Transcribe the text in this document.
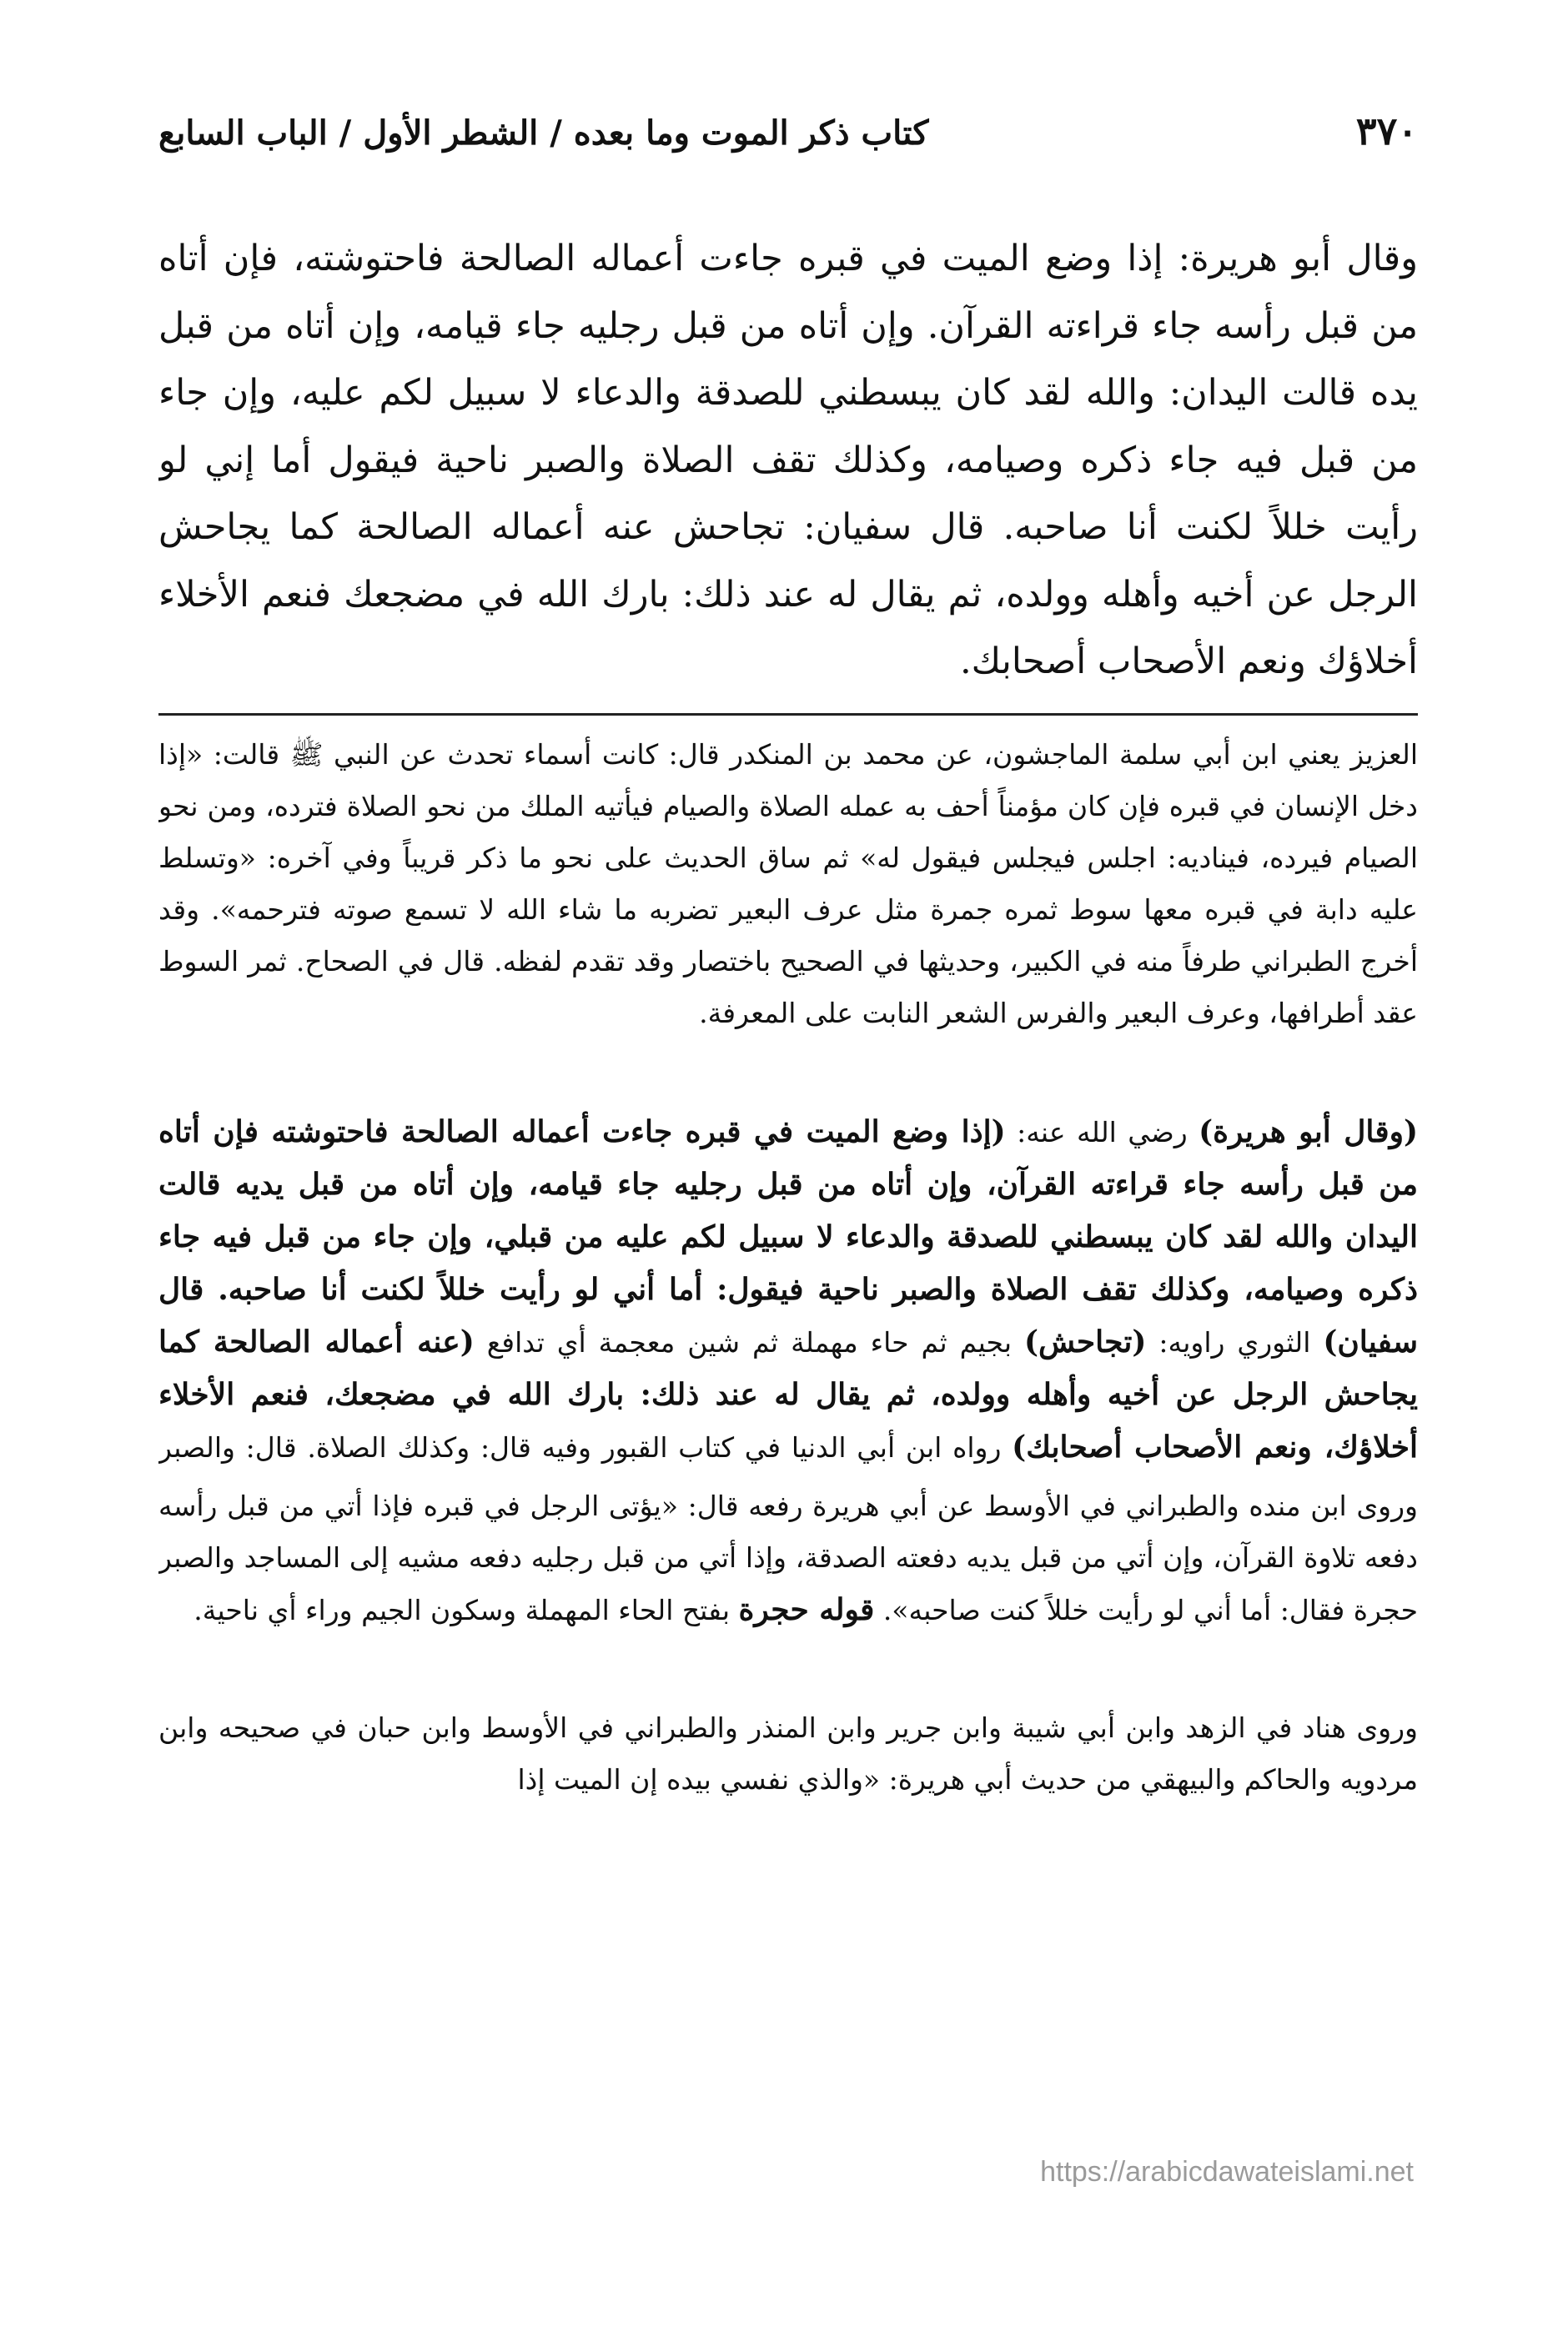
٣٧٠
كتاب ذكر الموت وما بعده / الشطر الأول / الباب السابع

وقال أبو هريرة: إذا وضع الميت في قبره جاءت أعماله الصالحة فاحتوشته، فإن أتاه من قبل رأسه جاء قراءته القرآن. وإن أتاه من قبل رجليه جاء قيامه، وإن أتاه من قبل يده قالت اليدان: والله لقد كان يبسطني للصدقة والدعاء لا سبيل لكم عليه، وإن جاء من قبل فيه جاء ذكره وصيامه، وكذلك تقف الصلاة والصبر ناحية فيقول أما إني لو رأيت خللاً لكنت أنا صاحبه. قال سفيان: تجاحش عنه أعماله الصالحة كما يجاحش الرجل عن أخيه وأهله وولده، ثم يقال له عند ذلك: بارك الله في مضجعك فنعم الأخلاء أخلاؤك ونعم الأصحاب أصحابك.

العزيز يعني ابن أبي سلمة الماجشون، عن محمد بن المنكدر قال: كانت أسماء تحدث عن النبي ﷺ قالت: «إذا دخل الإنسان في قبره فإن كان مؤمناً أحف به عمله الصلاة والصيام فيأتيه الملك من نحو الصلاة فترده، ومن نحو الصيام فيرده، فيناديه: اجلس فيجلس فيقول له» ثم ساق الحديث على نحو ما ذكر قريباً وفي آخره: «وتسلط عليه دابة في قبره معها سوط ثمره جمرة مثل عرف البعير تضربه ما شاء الله لا تسمع صوته فترحمه». وقد أخرج الطبراني طرفاً منه في الكبير، وحديثها في الصحيح باختصار وقد تقدم لفظه. قال في الصحاح. ثمر السوط عقد أطرافها، وعرف البعير والفرس الشعر النابت على المعرفة.

(وقال أبو هريرة) رضي الله عنه: (إذا وضع الميت في قبره جاءت أعماله الصالحة فاحتوشته فإن أتاه من قبل رأسه جاء قراءته القرآن، وإن أتاه من قبل رجليه جاء قيامه، وإن أتاه من قبل يديه قالت اليدان والله لقد كان يبسطني للصدقة والدعاء لا سبيل لكم عليه من قبلي، وإن جاء من قبل فيه جاء ذكره وصيامه، وكذلك تقف الصلاة والصبر ناحية فيقول: أما أني لو رأيت خللاً لكنت أنا صاحبه. قال سفيان) الثوري راويه: (تجاحش) بجيم ثم حاء مهملة ثم شين معجمة أي تدافع (عنه أعماله الصالحة كما يجاحش الرجل عن أخيه وأهله وولده، ثم يقال له عند ذلك: بارك الله في مضجعك، فنعم الأخلاء أخلاؤك، ونعم الأصحاب أصحابك) رواه ابن أبي الدنيا في كتاب القبور وفيه قال: وكذلك الصلاة. قال: والصبر

وروى ابن منده والطبراني في الأوسط عن أبي هريرة رفعه قال: «يؤتى الرجل في قبره فإذا أتي من قبل رأسه دفعه تلاوة القرآن، وإن أتي من قبل يديه دفعته الصدقة، وإذا أتي من قبل رجليه دفعه مشيه إلى المساجد والصبر حجرة فقال: أما أني لو رأيت خللاً كنت صاحبه». قوله حجرة بفتح الحاء المهملة وسكون الجيم وراء أي ناحية.

وروى هناد في الزهد وابن أبي شيبة وابن جرير وابن المنذر والطبراني في الأوسط وابن حبان في صحيحه وابن مردويه والحاكم والبيهقي من حديث أبي هريرة: «والذي نفسي بيده إن الميت إذا

https://arabicdawateislami.net
